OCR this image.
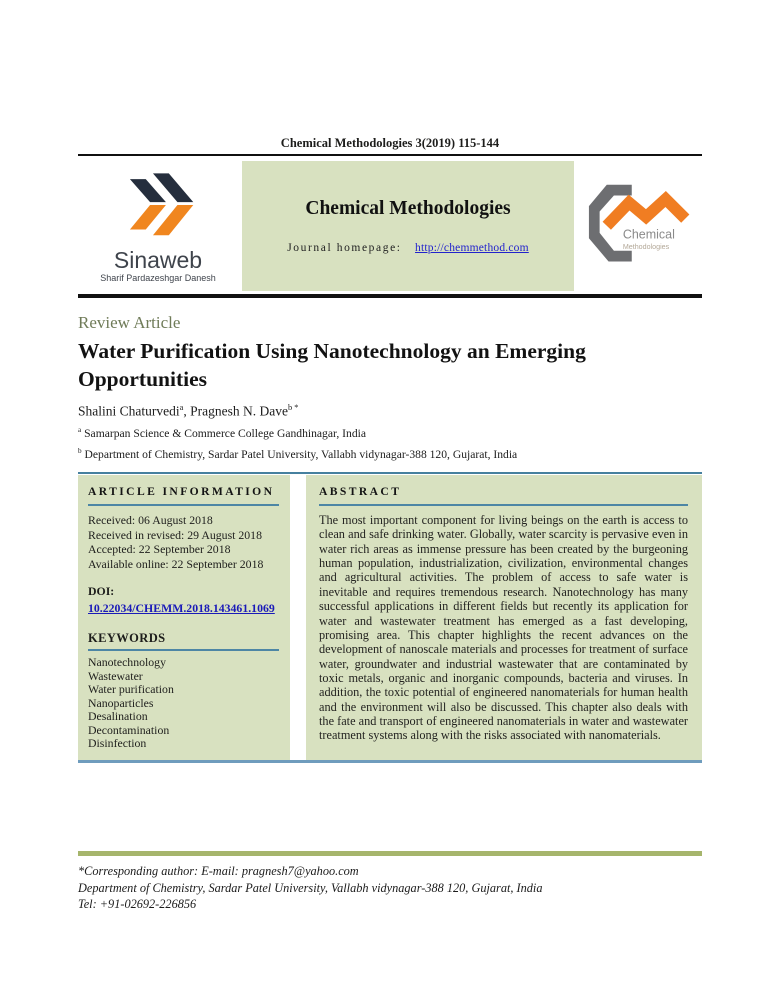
Chemical Methodologies 3(2019) 115-144
Sinaweb
Sharif Pardazeshgar Danesh
Chemical Methodologies
Journal homepage: http://chemmethod.com
Chemical
Methodologies
Review Article
Water Purification Using Nanotechnology an Emerging Opportunities
Shalini Chaturvedi$^a$, Pragnesh N. Dave$^{b *}$
$^a$ Samarpan Science & Commerce College Gandhinagar, India
$^b$ Department of Chemistry, Sardar Patel University, Vallabh vidynagar-388 120, Gujarat, India
ARTICLE INFORMATION
Received: 06 August 2018
Received in revised: 29 August 2018
Accepted: 22 September 2018
Available online: 22 September 2018
DOI:
10.22034/CHEMM.2018.143461.1069
KEYWORDS
Nanotechnology
Wastewater
Water purification
Nanoparticles
Desalination
Decontamination
Disinfection
ABSTRACT
The most important component for living beings on the earth is access to clean and safe drinking water. Globally, water scarcity is pervasive even in water rich areas as immense pressure has been created by the burgeoning human population, industrialization, civilization, environmental changes and agricultural activities. The problem of access to safe water is inevitable and requires tremendous research. Nanotechnology has many successful applications in different fields but recently its application for water and wastewater treatment has emerged as a fast developing, promising area. This chapter highlights the recent advances on the development of nanoscale materials and processes for treatment of surface water, groundwater and industrial wastewater that are contaminated by toxic metals, organic and inorganic compounds, bacteria and viruses. In addition, the toxic potential of engineered nanomaterials for human health and the environment will also be discussed. This chapter also deals with the fate and transport of engineered nanomaterials in water and wastewater treatment systems along with the risks associated with nanomaterials.
*Corresponding author: E-mail: pragnesh7@yahoo.com
Department of Chemistry, Sardar Patel University, Vallabh vidynagar-388 120, Gujarat, India
Tel: +91-02692-226856
